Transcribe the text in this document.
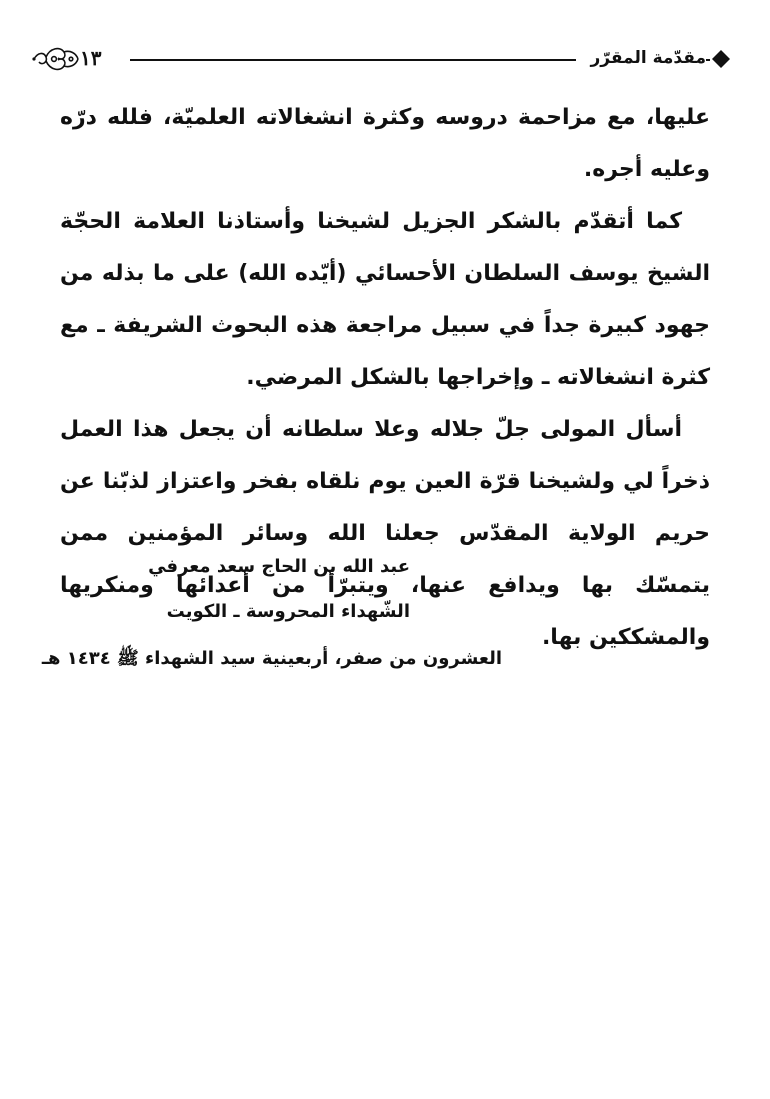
مقدّمة المقرّر
١٣

عليها، مع مزاحمة دروسه وكثرة انشغالاته العلميّة، فلله درّه وعليه أجره.

كما أتقدّم بالشكر الجزيل لشيخنا وأستاذنا العلامة الحجّة الشيخ يوسف السلطان الأحسائي (أيّده الله) على ما بذله من جهود كبيرة جداً في سبيل مراجعة هذه البحوث الشريفة ـ مع كثرة انشغالاته ـ وإخراجها بالشكل المرضي.

أسأل المولى جلّ جلاله وعلا سلطانه أن يجعل هذا العمل ذخراً لي ولشيخنا قرّة العين يوم نلقاه بفخر واعتزاز لذبّنا عن حريم الولاية المقدّس جعلنا الله وسائر المؤمنين ممن يتمسّك بها ويدافع عنها، ويتبرّأ من أعدائها ومنكريها والمشككين بها.

عبد الله بن الحاج سعد معرفي
الشّهداء المحروسة ـ الكويت
العشرون من صفر، أربعينية سيد الشهداء ﷺ ١٤٣٤ هـ
